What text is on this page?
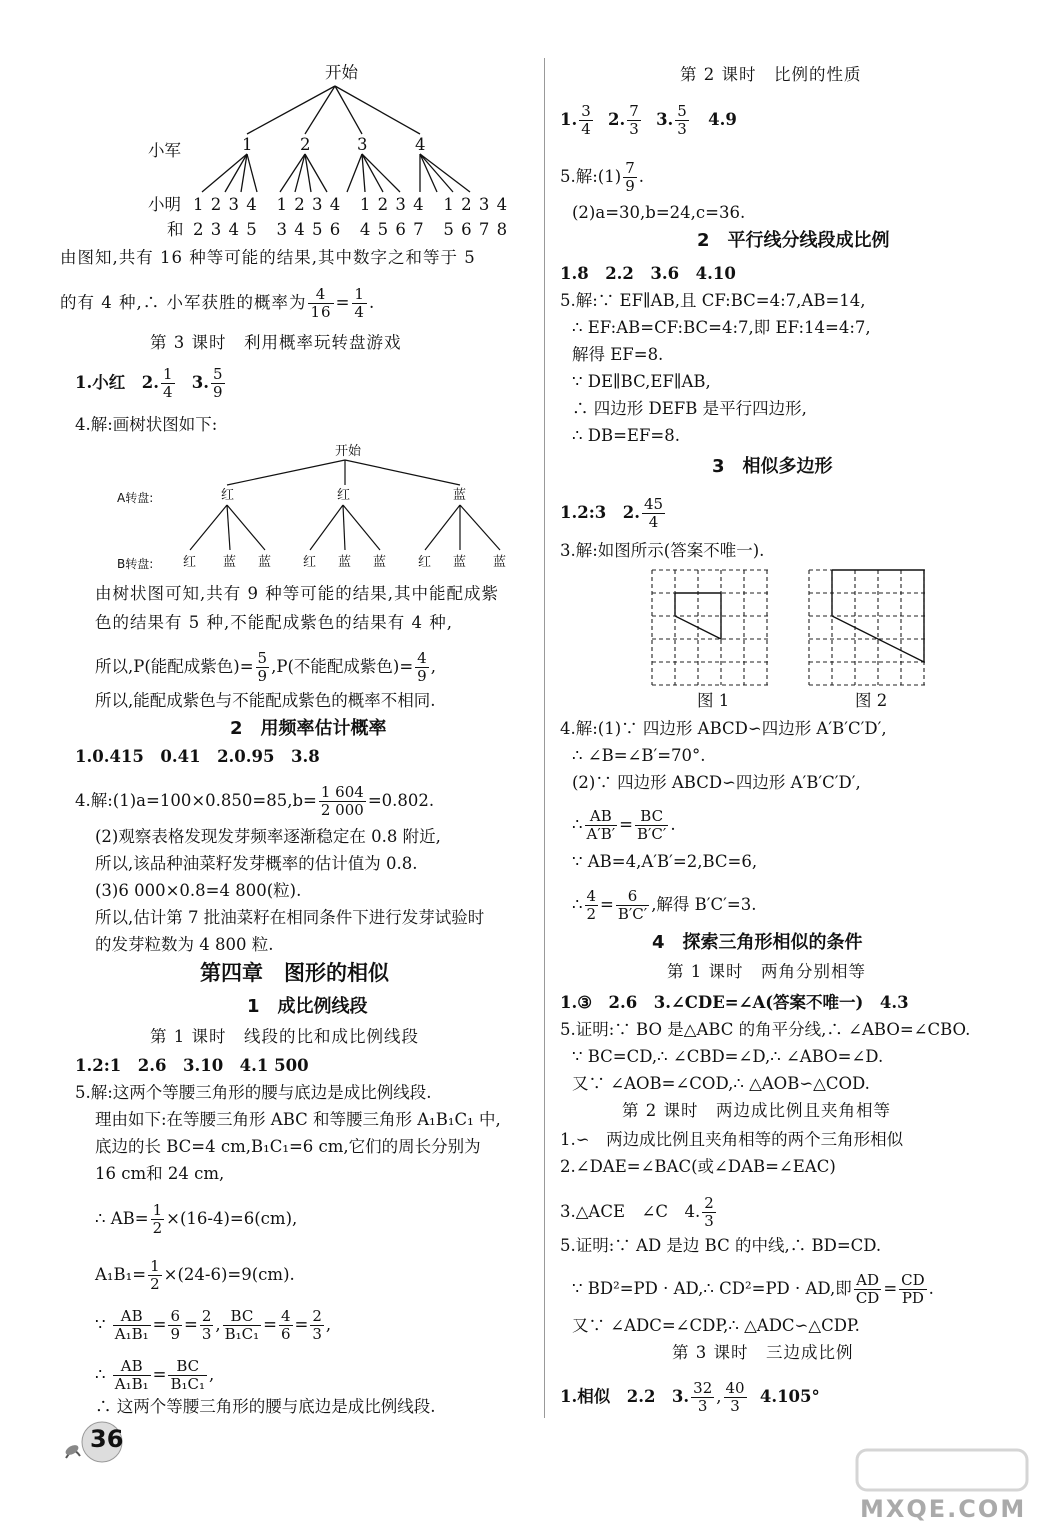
开始
小军	1	2	3	4
小明 1 2 3 4   1 2 3 4   1 2 3 4   1 2 3 4
和 2 3 4 5   3 4 5 6   4 5 6 7   5 6 7 8
由图知,共有 16 种等可能的结果,其中数字之和等于 5
的有 4 种,∴ 小军获胜的概率为 $\frac{4}{16} = \frac{1}{4}$ .
第 3 课时　利用概率玩转盘游戏
1.小红　2. $\frac{1}{4} 3$. $\frac{5}{9}$
4.解:画树状图如下:
开始
A转盘:	红	红	蓝
B转盘: 红 蓝 蓝 红 蓝 蓝 红 蓝 蓝
由树状图可知,共有 9 种等可能的结果,其中能配成紫
色的结果有 5 种,不能配成紫色的结果有 4 种,
所以,P(能配成紫色)= $\frac{5}{9} ,P$(不能配成紫色)= $\frac{4}{9}$ ,
所以,能配成紫色与不能配成紫色的概率不相同.
2　用频率估计概率
1.0.415　0.41　2.0.95　3.8
4.解:(1)a=100×0.850=85,b= $\frac{1 604}{2 000} =0.802$.
(2)观察表格发现发芽频率逐渐稳定在 0.8 附近,
所以,该品种油菜籽发芽概率的估计值为 0.8.
(3)6 000×0.8=4 800(粒).
所以,估计第 7 批油菜籽在相同条件下进行发芽试验时
的发芽粒数为 4 800 粒.
第四章　图形的相似
1　成比例线段
第 1 课时　线段的比和成比例线段
1.2:1　2.6　3.10　4.1 500
5.解:这两个等腰三角形的腰与底边是成比例线段.
理由如下:在等腰三角形 ABC 和等腰三角形 A₁B₁C₁ 中,
底边的长 BC=4 cm,B₁C₁=6 cm,它们的周长分别为
16 cm和 24 cm,
∴ $AB= \frac{1}{2} \times(16-4)=6(cm)$,
$A_1B_1= \frac{1}{2} \times(24-6)=9(cm)$.
∵ $\frac{AB}{\text{A₁B₁}} = \frac{6}{9} = \frac{2}{3}$ , $\frac{BC}{\text{B₁C₁}} = \frac{4}{6} = \frac{2}{3}$ ,
∴ $\frac{AB}{\text{A₁B₁}} = \frac{BC}{\text{B₁C₁}}$ ,
∴ 这两个等腰三角形的腰与底边是成比例线段.
第 2 课时　比例的性质
1. $\frac{3}{4} 2$. $\frac{7}{3} 3$. $\frac{5}{3} 4.9$
5.解:(1) $\frac{7}{9}$ .
(2)a=30,b=24,c=36.
2　平行线分线段成比例
1.8　2.2　3.6　4.10
5.解:∵ EF∥AB,且 CF:BC=4:7,AB=14,
∴ EF:AB=CF:BC=4:7,即 EF:14=4:7,
解得 EF=8.
∵ DE∥BC,EF∥AB,
∴ 四边形 DEFB 是平行四边形,
∴ DB=EF=8.
3　相似多边形
1.2:3　2. $\frac{45}{4}$
3.解:如图所示(答案不唯一).
图 1	图 2
4.解:(1)∵ 四边形 ABCD∽四边形 A′B′C′D′,
∴ ∠B=∠B′=70°.
(2)∵ 四边形 ABCD∽四边形 A′B′C′D′,
∴ $\frac{AB}{A'B'} = \frac{BC}{B'C'}$ .
∵ AB=4,A′B′=2,BC=6,
∴ $\frac{4}{2} = \frac{6}{B'C'}$ ,解得 B′C′=3.
4　探索三角形相似的条件
第 1 课时　两角分别相等
1.③　2.6　3.∠CDE=∠A(答案不唯一)　4.3
5.证明:∵ BO 是△ABC 的角平分线,∴ ∠ABO=∠CBO.
∵ BC=CD,∴ ∠CBD=∠D,∴ ∠ABO=∠D.
又∵ ∠AOB=∠COD,∴ △AOB∽△COD.
第 2 课时　两边成比例且夹角相等
1.∽　两边成比例且夹角相等的两个三角形相似
2.∠DAE=∠BAC(或∠DAB=∠EAC)
3.△ACE　∠C　4. $\frac{2}{3}$
5.证明:∵ AD 是边 BC 的中线,∴ BD=CD.
∵ BD²=PD · AD,∴ CD²=PD · AD,即 $\frac{AD}{CD} = \frac{CD}{PD}$ .
又∵ ∠ADC=∠CDP,∴ △ADC∽△CDP.
第 3 课时　三边成比例
1.相似　2.2　3. $\frac{32}{3}$ , $\frac{40}{3} 4.105^\circ$
36
MXQE.COM
